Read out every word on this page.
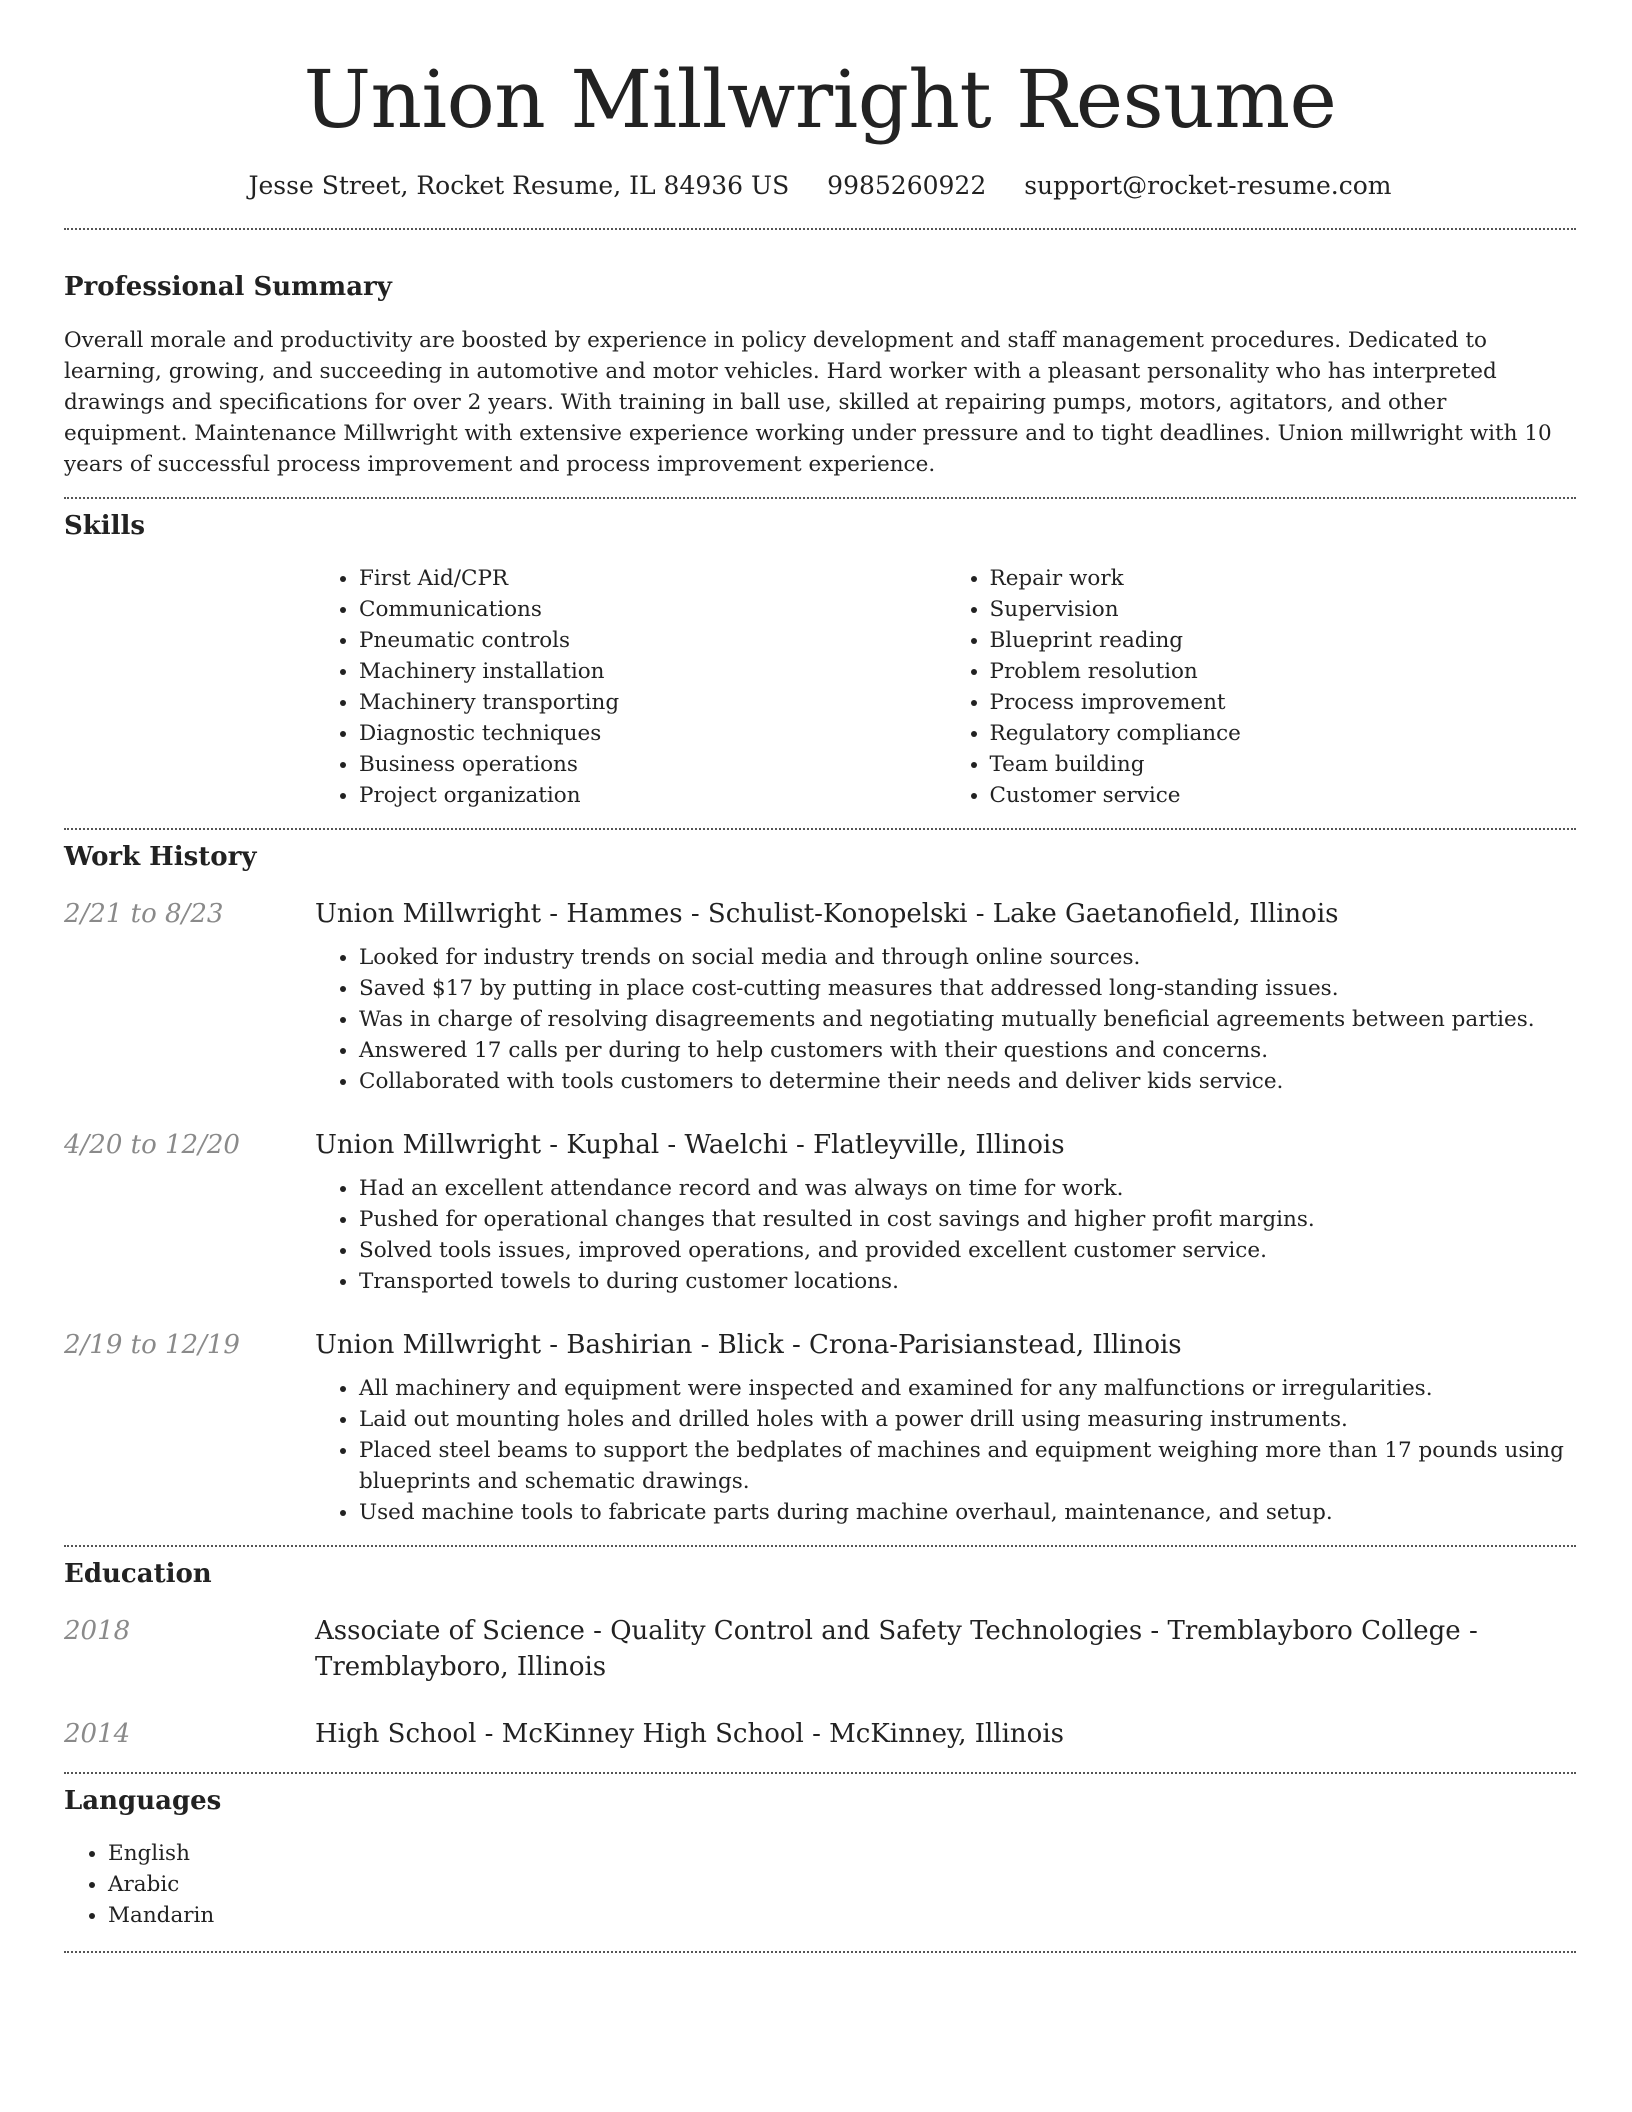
Union Millwright Resume
Jesse Street, Rocket Resume, IL 84936 US 9985260922 support@rocket-resume.com
Professional Summary

Overall morale and productivity are boosted by experience in policy development and staff management procedures. Dedicated to learning, growing, and succeeding in automotive and motor vehicles. Hard worker with a pleasant personality who has interpreted drawings and specifications for over 2 years. With training in ball use, skilled at repairing pumps, motors, agitators, and other equipment. Maintenance Millwright with extensive experience working under pressure and to tight deadlines. Union millwright with 10 years of successful process improvement and process improvement experience.

Skills
• First Aid/CPR
• Communications
• Pneumatic controls
• Machinery installation
• Machinery transporting
• Diagnostic techniques
• Business operations
• Project organization
• Repair work
• Supervision
• Blueprint reading
• Problem resolution
• Process improvement
• Regulatory compliance
• Team building
• Customer service
Work History
2/21 to 8/23	Union Millwright - Hammes - Schulist-Konopelski - Lake Gaetanofield, Illinois
• Looked for industry trends on social media and through online sources.
• Saved $17 by putting in place cost-cutting measures that addressed long-standing issues.
• Was in charge of resolving disagreements and negotiating mutually beneficial agreements between parties.
• Answered 17 calls per during to help customers with their questions and concerns.
• Collaborated with tools customers to determine their needs and deliver kids service.
4/20 to 12/20	Union Millwright - Kuphal - Waelchi - Flatleyville, Illinois
• Had an excellent attendance record and was always on time for work.
• Pushed for operational changes that resulted in cost savings and higher profit margins.
• Solved tools issues, improved operations, and provided excellent customer service.
• Transported towels to during customer locations.
2/19 to 12/19	Union Millwright - Bashirian - Blick - Crona-Parisianstead, Illinois
• All machinery and equipment were inspected and examined for any malfunctions or irregularities.
• Laid out mounting holes and drilled holes with a power drill using measuring instruments.
• Placed steel beams to support the bedplates of machines and equipment weighing more than 17 pounds using blueprints and schematic drawings.
• Used machine tools to fabricate parts during machine overhaul, maintenance, and setup.
Education
2018	Associate of Science - Quality Control and Safety Technologies - Tremblayboro College - Tremblayboro, Illinois
2014	High School - McKinney High School - McKinney, Illinois
Languages
• English
• Arabic
• Mandarin
